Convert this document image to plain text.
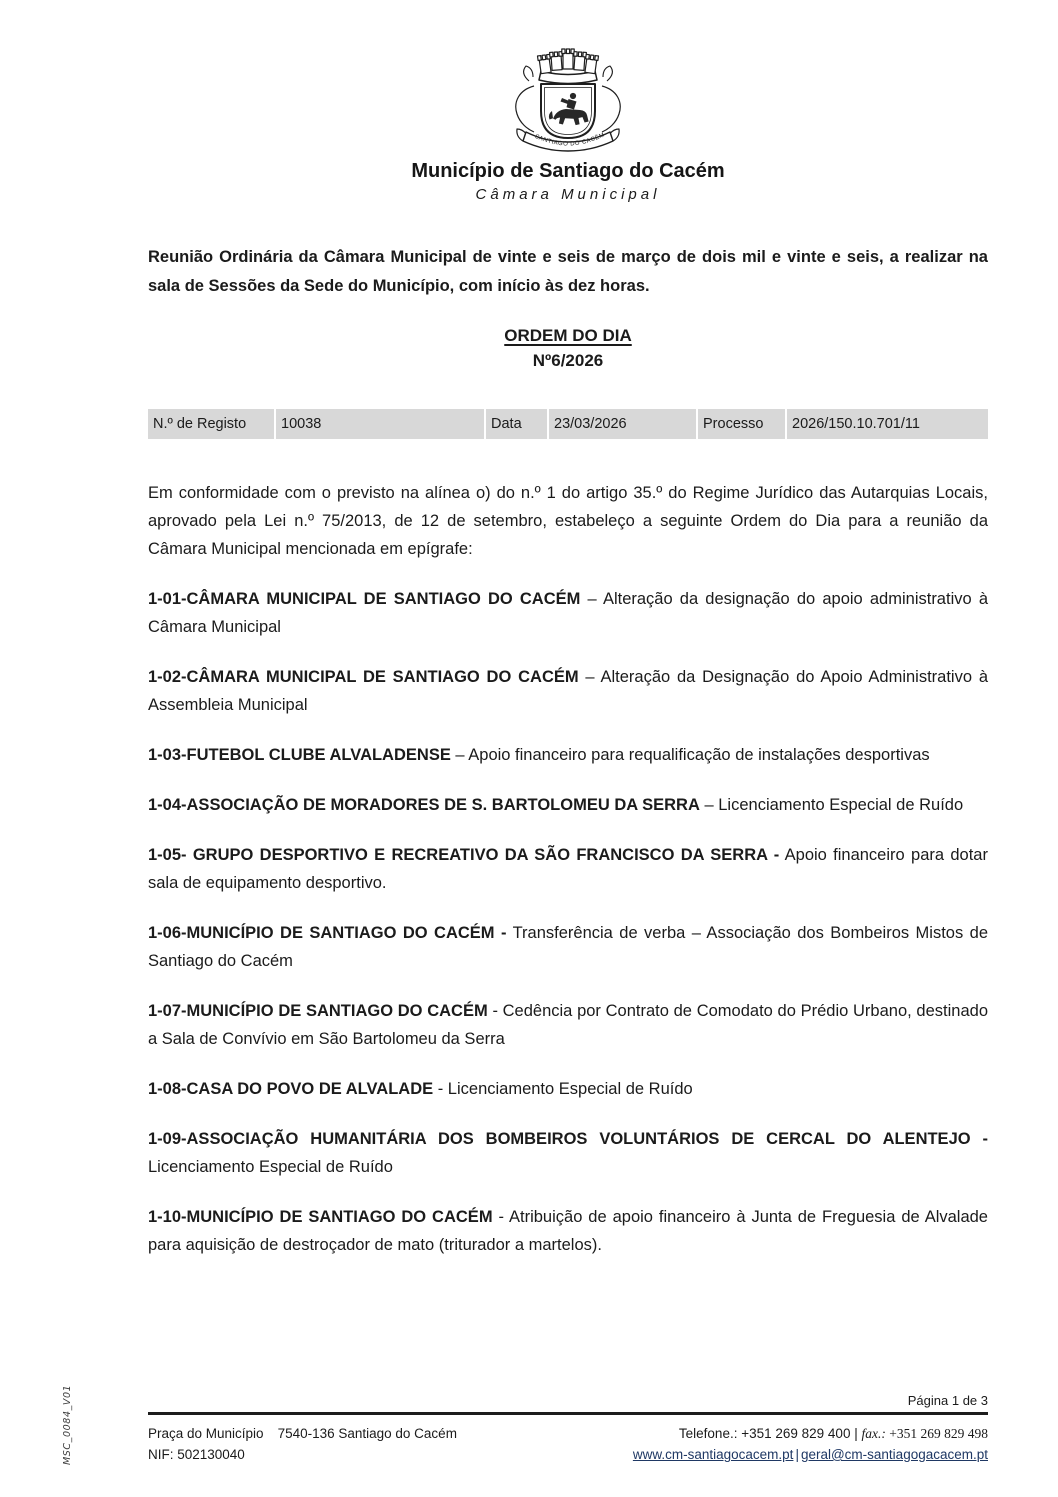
SANTIAGO DO CACÉM
Município de Santiago do Cacém
Câmara Municipal

Reunião Ordinária da Câmara Municipal de vinte e seis de março de dois mil e vinte e seis, a realizar na sala de Sessões da Sede do Município, com início às dez horas.

ORDEM DO DIA
Nº6/2026
N.º de Registo	10038	Data	23/03/2026	Processo	2026/150.10.701/11

Em conformidade com o previsto na alínea o) do n.º 1 do artigo 35.º do Regime Jurídico das Autarquias Locais, aprovado pela Lei n.º 75/2013, de 12 de setembro, estabeleço a seguinte Ordem do Dia para a reunião da Câmara Municipal mencionada em epígrafe:

1-01-CÂMARA MUNICIPAL DE SANTIAGO DO CACÉM – Alteração da designação do apoio administrativo à Câmara Municipal

1-02-CÂMARA MUNICIPAL DE SANTIAGO DO CACÉM – Alteração da Designação do Apoio Administrativo à Assembleia Municipal

1-03-FUTEBOL CLUBE ALVALADENSE – Apoio financeiro para requalificação de instalações desportivas

1-04-ASSOCIAÇÃO DE MORADORES DE S. BARTOLOMEU DA SERRA – Licenciamento Especial de Ruído

1-05- GRUPO DESPORTIVO E RECREATIVO DA SÃO FRANCISCO DA SERRA - Apoio financeiro para dotar sala de equipamento desportivo.

1-06-MUNICÍPIO DE SANTIAGO DO CACÉM - Transferência de verba – Associação dos Bombeiros Mistos de Santiago do Cacém

1-07-MUNICÍPIO DE SANTIAGO DO CACÉM - Cedência por Contrato de Comodato do Prédio Urbano, destinado a Sala de Convívio em São Bartolomeu da Serra

1-08-CASA DO POVO DE ALVALADE - Licenciamento Especial de Ruído

1-09-ASSOCIAÇÃO HUMANITÁRIA DOS BOMBEIROS VOLUNTÁRIOS DE CERCAL DO ALENTEJO - Licenciamento Especial de Ruído

1-10-MUNICÍPIO DE SANTIAGO DO CACÉM - Atribuição de apoio financeiro à Junta de Freguesia de Alvalade para aquisição de destroçador de mato (triturador a martelos).

Página 1 de 3
Praça do Município 7540-136 Santiago do Cacém
NIF: 502130040
Telefone.: +351 269 829 400 | fax.: +351 269 829 498
www.cm-santiagocacem.pt | geral@cm-santiagogacacem.pt
MSC_0084_V01
